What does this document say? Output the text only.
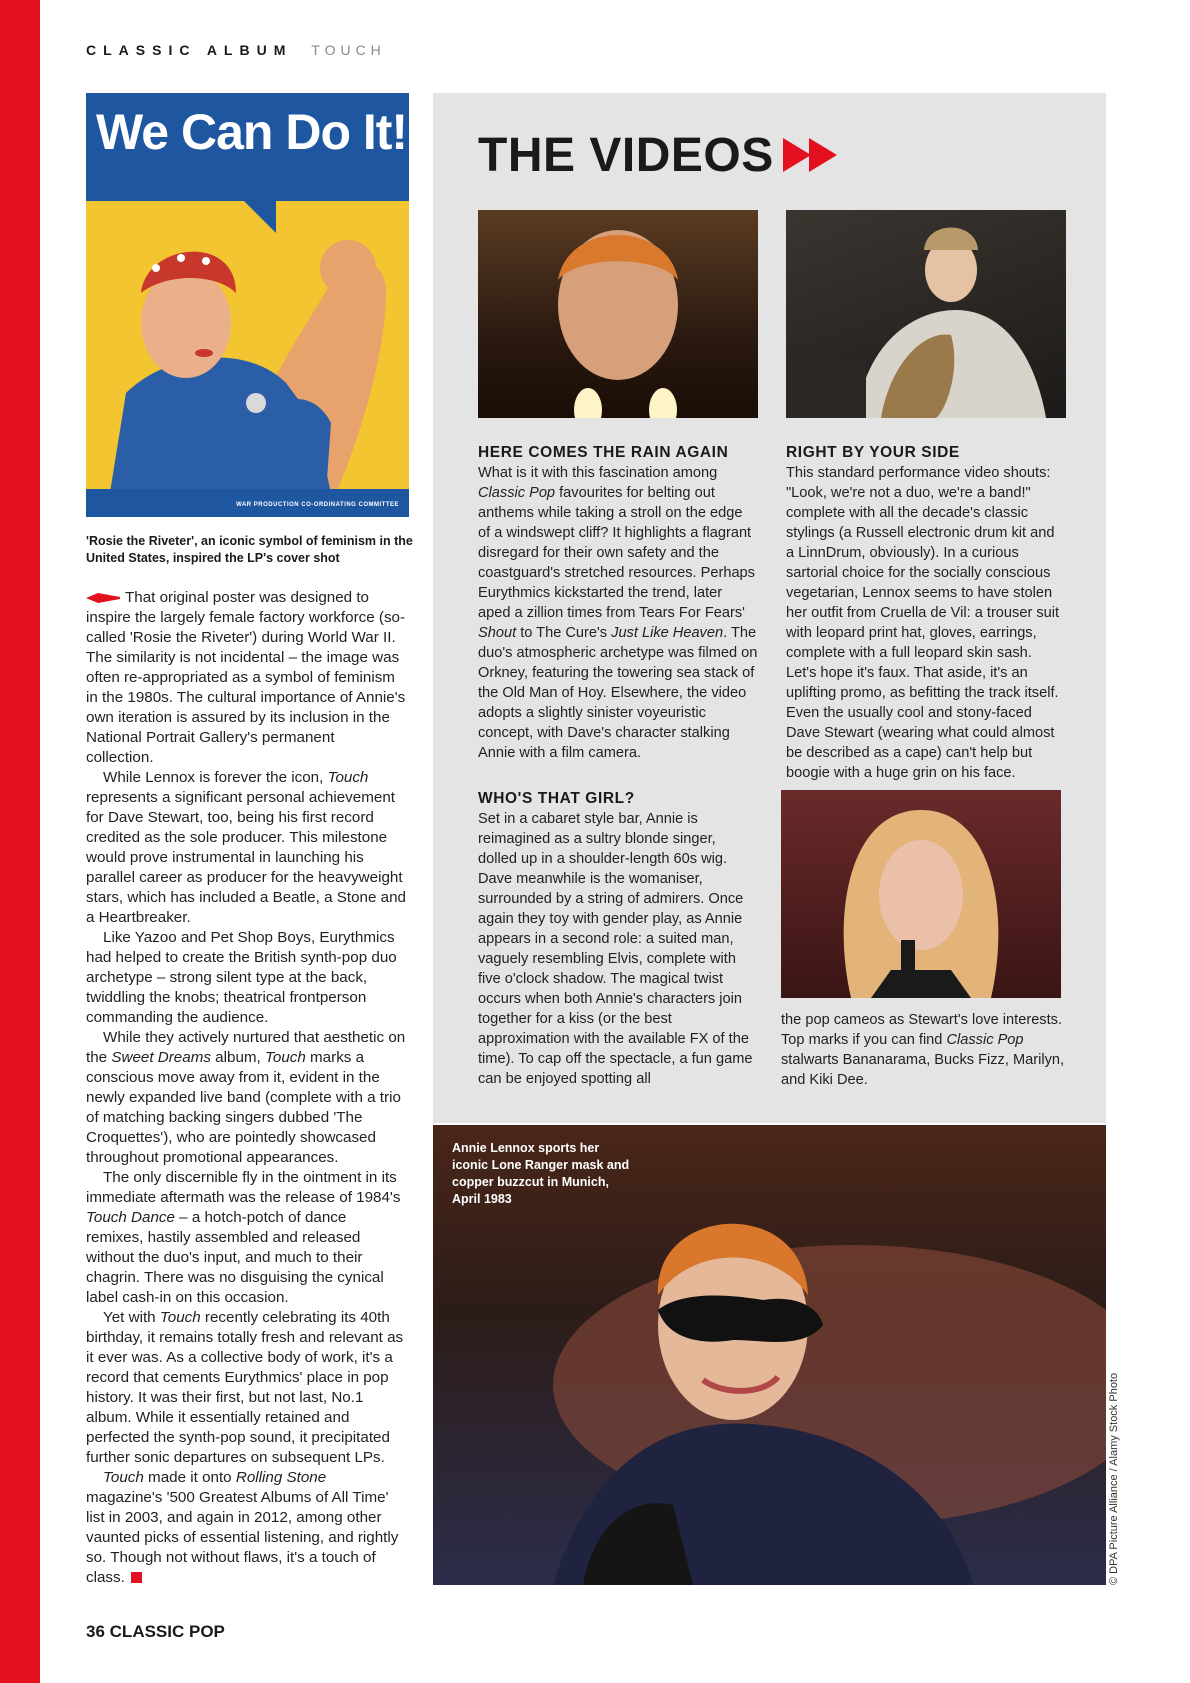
CLASSIC ALBUM TOUCH
We Can Do It!
WAR PRODUCTION CO-ORDINATING COMMITTEE
'Rosie the Riveter', an iconic symbol of feminism in the United States, inspired the LP's cover shot

That original poster was designed to inspire the largely female factory workforce (so-called 'Rosie the Riveter') during World War II. The similarity is not incidental – the image was often re-appropriated as a symbol of feminism in the 1980s. The cultural importance of Annie's own iteration is assured by its inclusion in the National Portrait Gallery's permanent collection.

While Lennox is forever the icon, Touch represents a significant personal achievement for Dave Stewart, too, being his first record credited as the sole producer. This milestone would prove instrumental in launching his parallel career as producer for the heavyweight stars, which has included a Beatle, a Stone and a Heartbreaker.

Like Yazoo and Pet Shop Boys, Eurythmics had helped to create the British synth-pop duo archetype – strong silent type at the back, twiddling the knobs; theatrical frontperson commanding the audience.

While they actively nurtured that aesthetic on the Sweet Dreams album, Touch marks a conscious move away from it, evident in the newly expanded live band (complete with a trio of matching backing singers dubbed 'The Croquettes'), who are pointedly showcased throughout promotional appearances.

The only discernible fly in the ointment in its immediate aftermath was the release of 1984's Touch Dance – a hotch-potch of dance remixes, hastily assembled and released without the duo's input, and much to their chagrin. There was no disguising the cynical label cash-in on this occasion.

Yet with Touch recently celebrating its 40th birthday, it remains totally fresh and relevant as it ever was. As a collective body of work, it's a record that cements Eurythmics' place in pop history. It was their first, but not last, No.1 album. While it essentially retained and perfected the synth-pop sound, it precipitated further sonic departures on subsequent LPs.

Touch made it onto Rolling Stone magazine's '500 Greatest Albums of All Time' list in 2003, and again in 2012, among other vaunted picks of essential listening, and rightly so. Though not without flaws, it's a touch of class.

THE VIDEOS
HERE COMES THE RAIN AGAIN

What is it with this fascination among Classic Pop favourites for belting out anthems while taking a stroll on the edge of a windswept cliff? It highlights a flagrant disregard for their own safety and the coastguard's stretched resources. Perhaps Eurythmics kickstarted the trend, later aped a zillion times from Tears For Fears' Shout to The Cure's Just Like Heaven. The duo's atmospheric archetype was filmed on Orkney, featuring the towering sea stack of the Old Man of Hoy. Elsewhere, the video adopts a slightly sinister voyeuristic concept, with Dave's character stalking Annie with a film camera.

RIGHT BY YOUR SIDE

This standard performance video shouts: "Look, we're not a duo, we're a band!" complete with all the decade's classic stylings (a Russell electronic drum kit and a LinnDrum, obviously). In a curious sartorial choice for the socially conscious vegetarian, Lennox seems to have stolen her outfit from Cruella de Vil: a trouser suit with leopard print hat, gloves, earrings, complete with a full leopard skin sash. Let's hope it's faux. That aside, it's an uplifting promo, as befitting the track itself. Even the usually cool and stony-faced Dave Stewart (wearing what could almost be described as a cape) can't help but boogie with a huge grin on his face.

WHO'S THAT GIRL?

Set in a cabaret style bar, Annie is reimagined as a sultry blonde singer, dolled up in a shoulder-length 60s wig. Dave meanwhile is the womaniser, surrounded by a string of admirers. Once again they toy with gender play, as Annie appears in a second role: a suited man, vaguely resembling Elvis, complete with five o'clock shadow. The magical twist occurs when both Annie's characters join together for a kiss (or the best approximation with the available FX of the time). To cap off the spectacle, a fun game can be enjoyed spotting all

the pop cameos as Stewart's love interests. Top marks if you can find Classic Pop stalwarts Bananarama, Bucks Fizz, Marilyn, and Kiki Dee.

Annie Lennox sports her iconic Lone Ranger mask and copper buzzcut in Munich, April 1983
© DPA Picture Alliance / Alamy Stock Photo
36 CLASSIC POP
